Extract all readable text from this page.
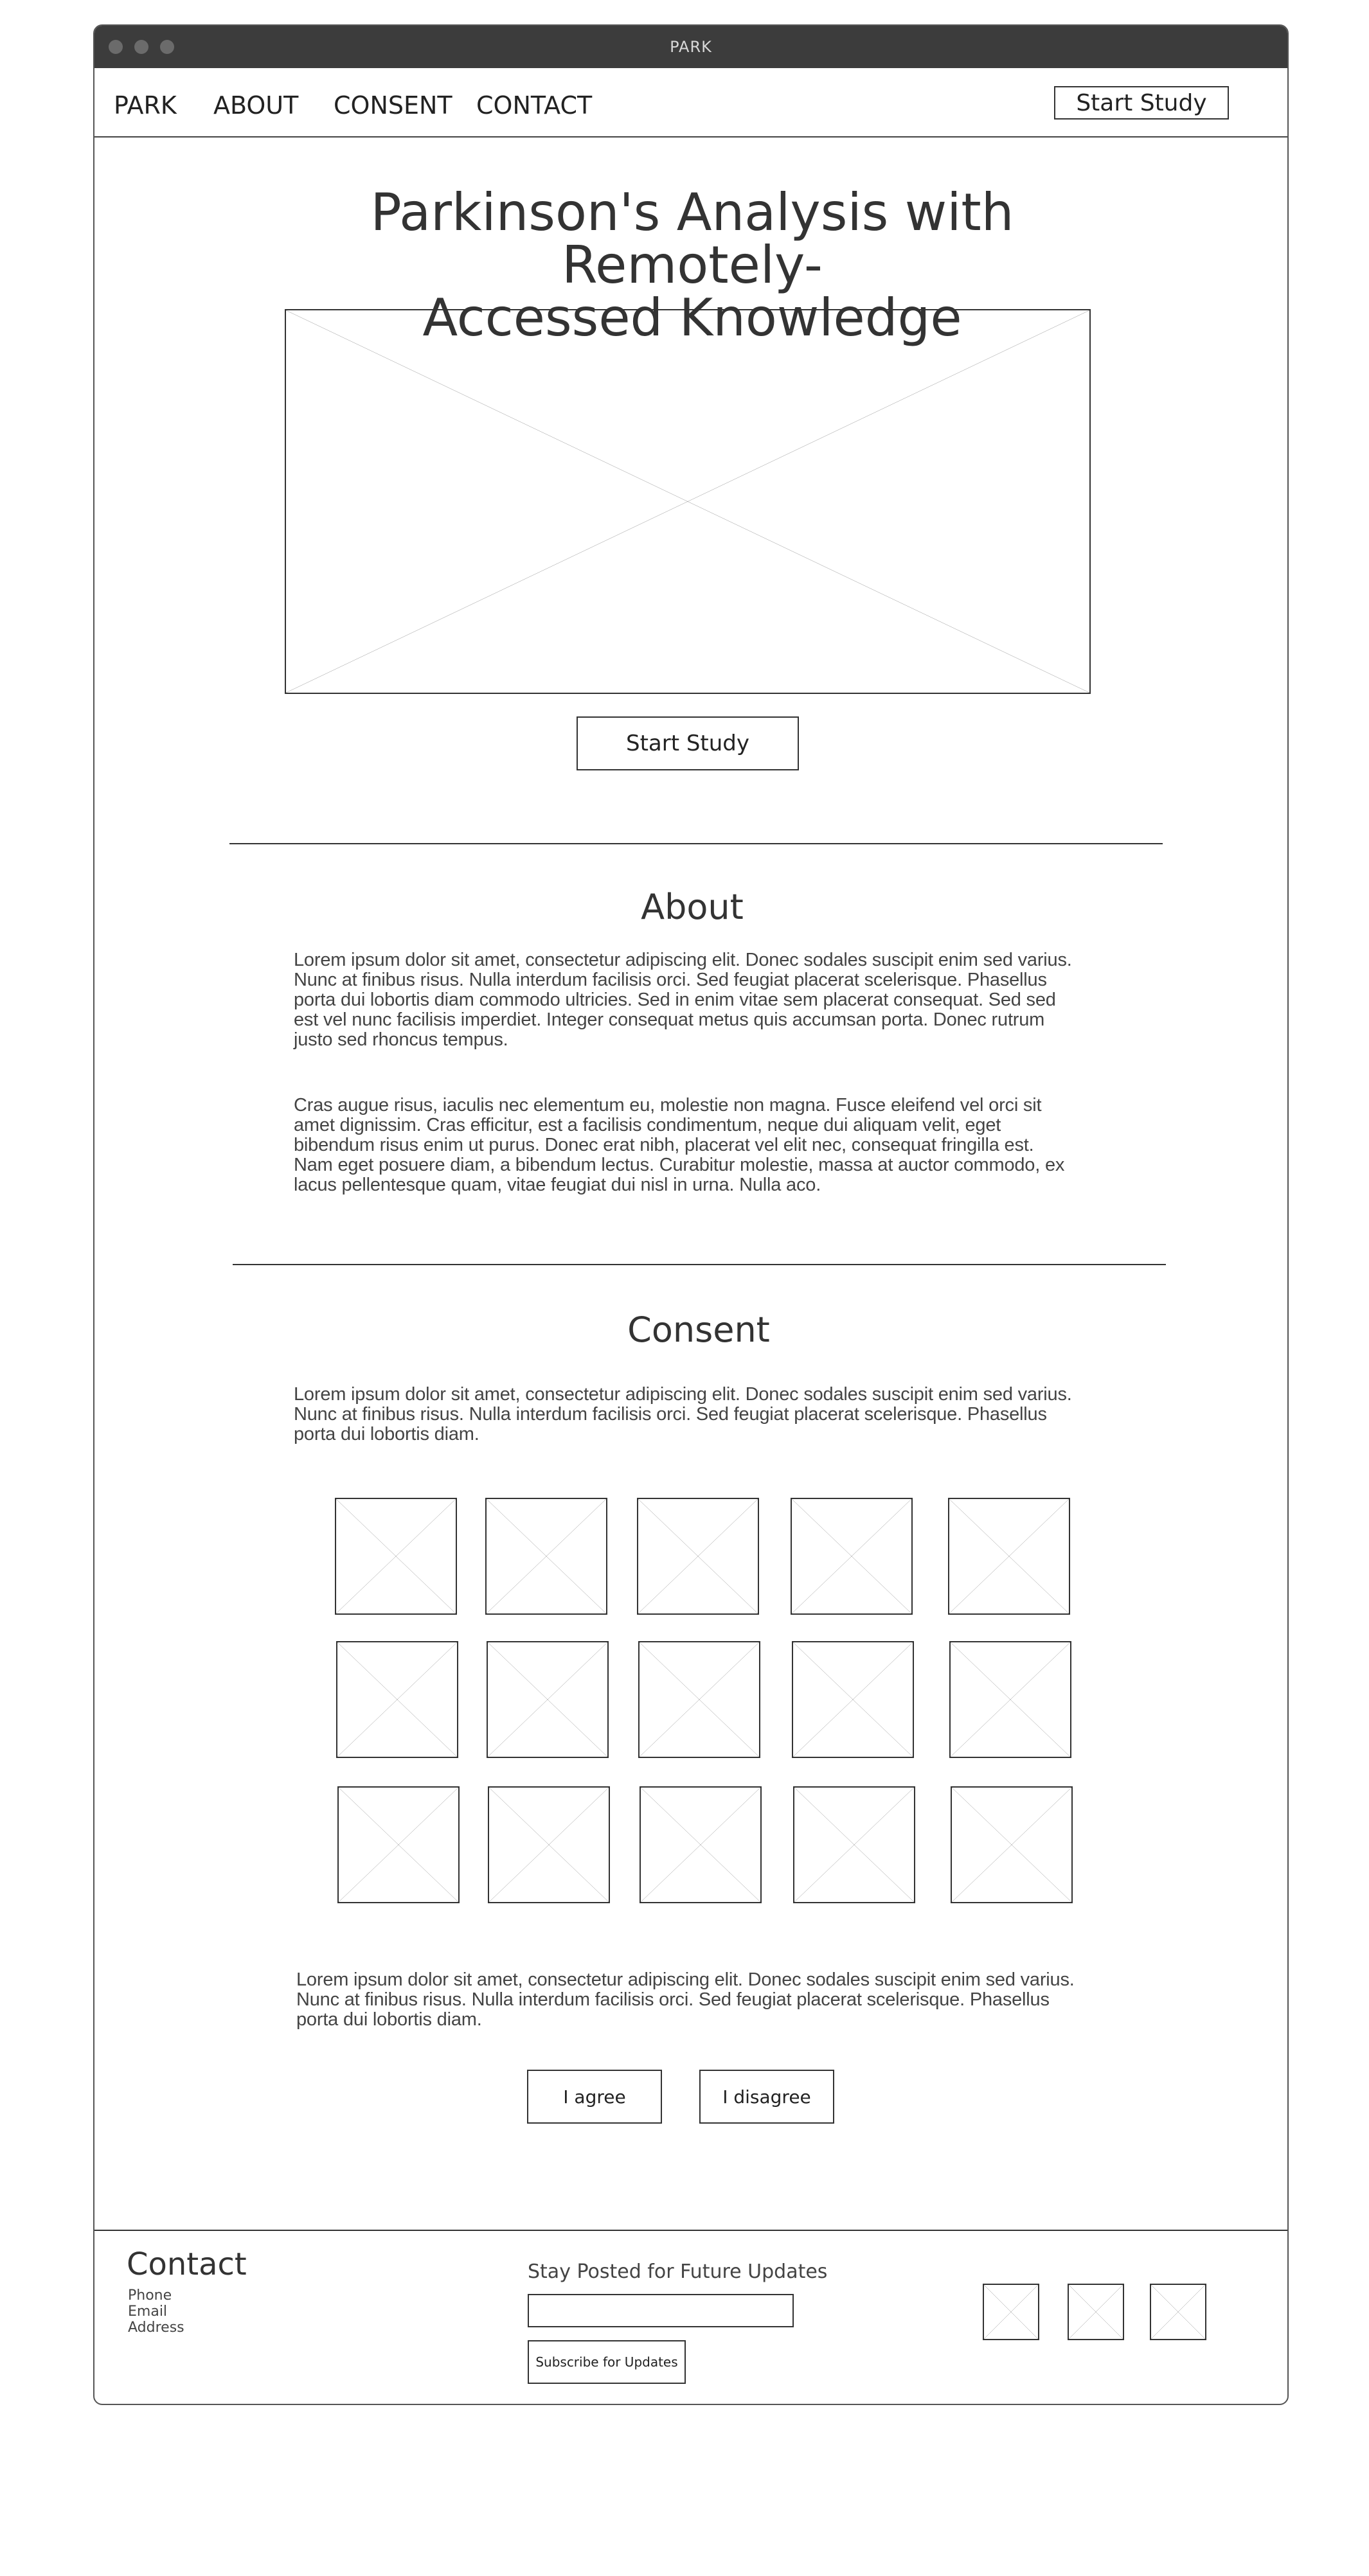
PARK
PARK ABOUT CONSENT CONTACT	Start Study
Parkinson's Analysis with Remotely-
Accessed Knowledge
Start Study
About
Lorem ipsum dolor sit amet, consectetur adipiscing elit. Donec sodales suscipit enim sed varius.
Nunc at finibus risus. Nulla interdum facilisis orci. Sed feugiat placerat scelerisque. Phasellus
porta dui lobortis diam commodo ultricies. Sed in enim vitae sem placerat consequat. Sed sed
est vel nunc facilisis imperdiet. Integer consequat metus quis accumsan porta. Donec rutrum
justo sed rhoncus tempus.
Cras augue risus, iaculis nec elementum eu, molestie non magna. Fusce eleifend vel orci sit
amet dignissim. Cras efficitur, est a facilisis condimentum, neque dui aliquam velit, eget
bibendum risus enim ut purus. Donec erat nibh, placerat vel elit nec, consequat fringilla est.
Nam eget posuere diam, a bibendum lectus. Curabitur molestie, massa at auctor commodo, ex
lacus pellentesque quam, vitae feugiat dui nisl in urna. Nulla aco.
Consent
Lorem ipsum dolor sit amet, consectetur adipiscing elit. Donec sodales suscipit enim sed varius.
Nunc at finibus risus. Nulla interdum facilisis orci. Sed feugiat placerat scelerisque. Phasellus
porta dui lobortis diam.
Lorem ipsum dolor sit amet, consectetur adipiscing elit. Donec sodales suscipit enim sed varius.
Nunc at finibus risus. Nulla interdum facilisis orci. Sed feugiat placerat scelerisque. Phasellus
porta dui lobortis diam.
I agree	I disagree
Contact
Phone
Email
Address
Stay Posted for Future Updates
Subscribe for Updates
